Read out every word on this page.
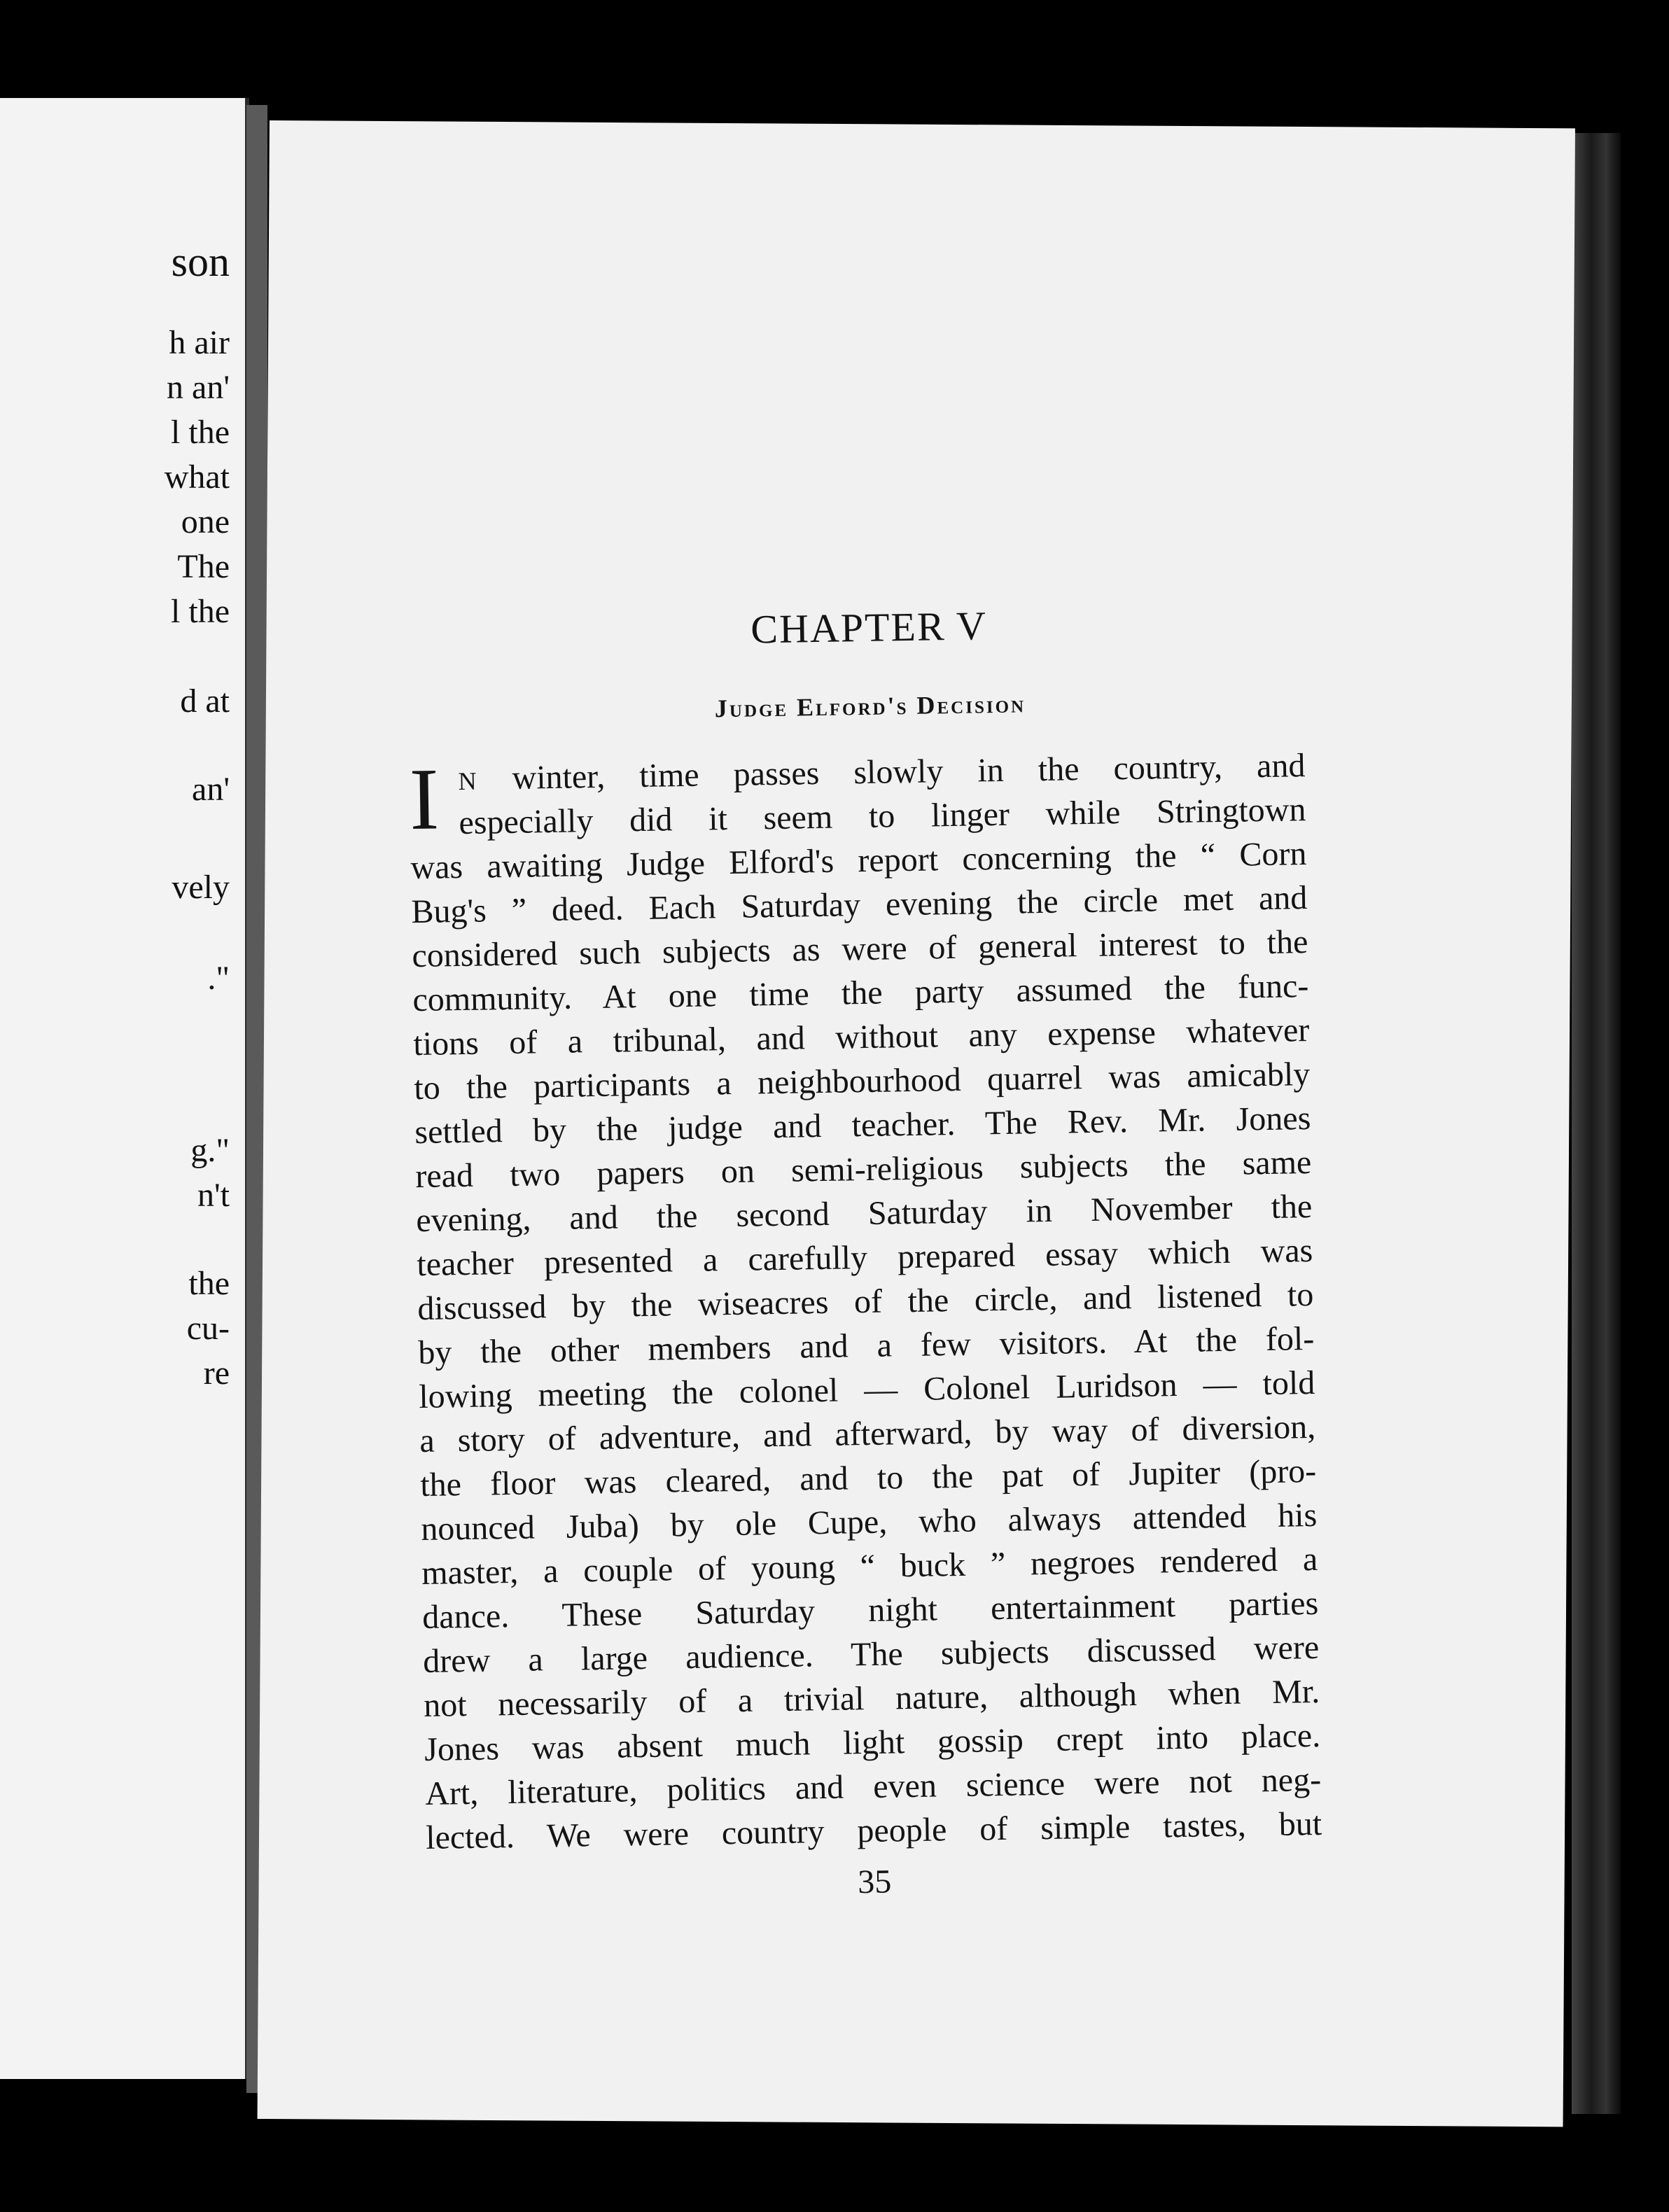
son
h air
n an'
l the
what
one
The
l the
d at
an'
vely
."
g."
n't
the
cu-
re
CHAPTER V
Judge Elford's Decision
I N winter, time passes slowly in the country, and
especially did it seem to linger while Stringtown
was awaiting Judge Elford's report concerning the “ Corn
Bug's ” deed. Each Saturday evening the circle met and
considered such subjects as were of general interest to the
community. At one time the party assumed the func-
tions of a tribunal, and without any expense whatever
to the participants a neighbourhood quarrel was amicably
settled by the judge and teacher. The Rev. Mr. Jones
read two papers on semi-religious subjects the same
evening, and the second Saturday in November the
teacher presented a carefully prepared essay which was
discussed by the wiseacres of the circle, and listened to
by the other members and a few visitors. At the fol-
lowing meeting the colonel — Colonel Luridson — told
a story of adventure, and afterward, by way of diversion,
the floor was cleared, and to the pat of Jupiter (pro-
nounced Juba) by ole Cupe, who always attended his
master, a couple of young “ buck ” negroes rendered a
dance. These Saturday night entertainment parties
drew a large audience. The subjects discussed were
not necessarily of a trivial nature, although when Mr.
Jones was absent much light gossip crept into place.
Art, literature, politics and even science were not neg-
lected. We were country people of simple tastes, but
35
